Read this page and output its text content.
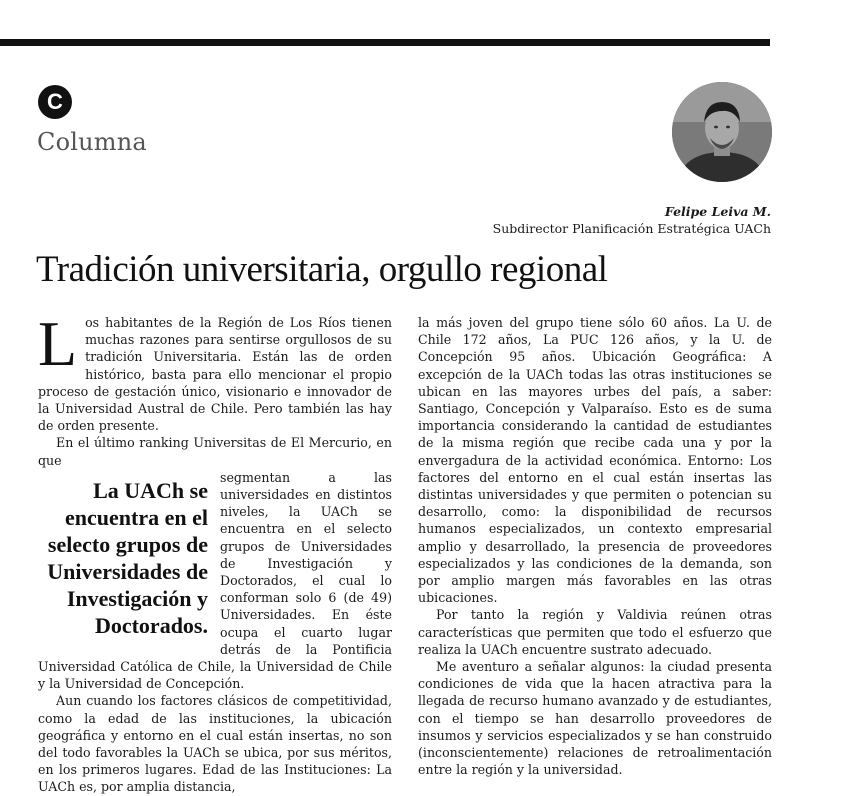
C
Columna
Felipe Leiva M.
Subdirector Planificación Estratégica UACh
Tradición universitaria, orgullo regional

Los habitantes de la Región de Los Ríos tienen muchas razones para sentirse orgullosos de su tradición Universitaria. Están las de orden histórico, basta para ello mencionar el propio proceso de gestación único, visionario e innovador de la Universidad Austral de Chile. Pero también las hay de orden presente.

En el último ranking Universitas de El Mercurio, en que

La UACh se encuentra en el selecto grupos de Universidades de Investigación y Doctorados.

segmentan a las universidades en distintos niveles, la UACh se encuentra en el selecto grupos de Universidades de Investigación y Doctorados, el cual lo conforman solo 6 (de 49) Universidades. En éste ocupa el cuarto lugar detrás de la Pontificia Universidad Católica de Chile, la Universidad de Chile y la Universidad de Concepción.

Aun cuando los factores clásicos de competitividad, como la edad de las instituciones, la ubicación geográfica y entorno en el cual están insertas, no son del todo favorables la UACh se ubica, por sus méritos, en los primeros lugares. Edad de las Instituciones: La UACh es, por amplia distancia,

la más joven del grupo tiene sólo 60 años. La U. de Chile 172 años, La PUC 126 años, y la U. de Concepción 95 años. Ubicación Geográfica: A excepción de la UACh todas las otras instituciones se ubican en las mayores urbes del país, a saber: Santiago, Concepción y Valparaíso. Esto es de suma importancia considerando la cantidad de estudiantes de la misma región que recibe cada una y por la envergadura de la actividad económica. Entorno: Los factores del entorno en el cual están insertas las distintas universidades y que permiten o potencian su desarrollo, como: la disponibilidad de recursos humanos especializados, un contexto empresarial amplio y desarrollado, la presencia de proveedores especializados y las condiciones de la demanda, son por amplio margen más favorables en las otras ubicaciones.

Por tanto la región y Valdivia reúnen otras características que permiten que todo el esfuerzo que realiza la UACh encuentre sustrato adecuado.

Me aventuro a señalar algunos: la ciudad presenta condiciones de vida que la hacen atractiva para la llegada de recurso humano avanzado y de estudiantes, con el tiempo se han desarrollo proveedores de insumos y servicios especializados y se han construido (inconscientemente) relaciones de retroalimentación entre la región y la universidad.
